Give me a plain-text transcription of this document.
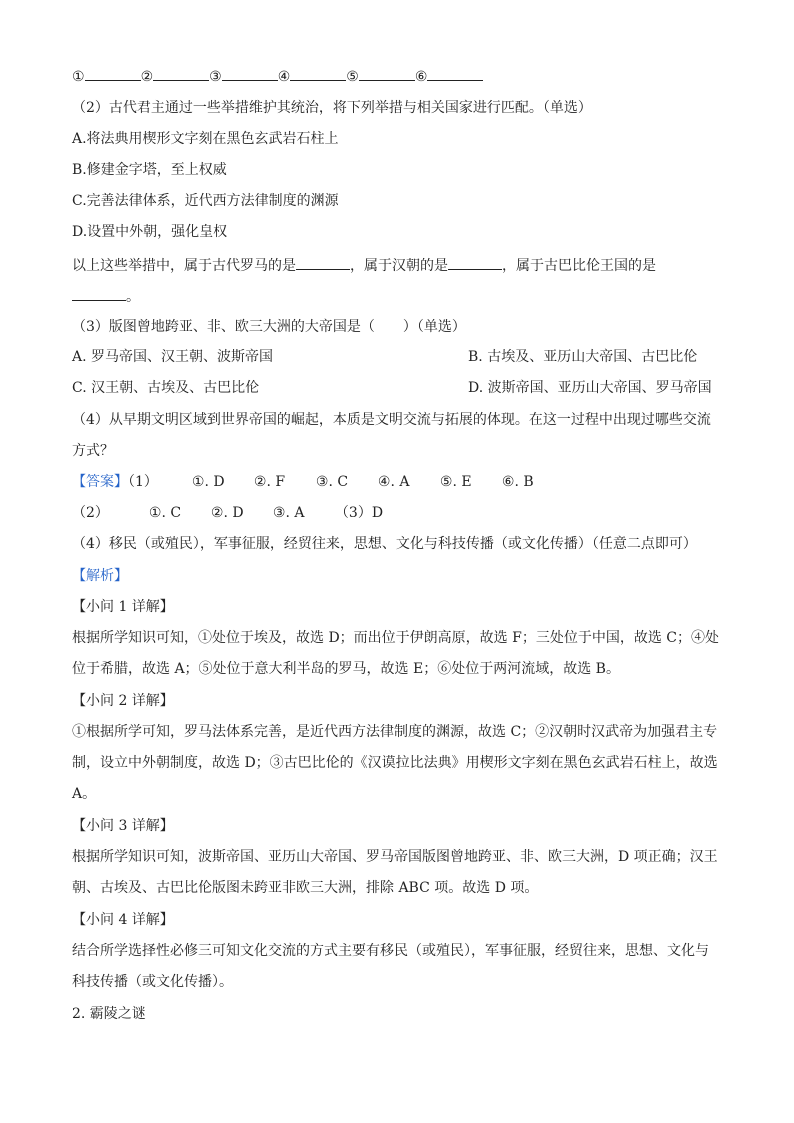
①	②	③	④	⑤	⑥
（2）古代君主通过一些举措维护其统治，将下列举措与相关国家进行匹配。（单选）
A.将法典用楔形文字刻在黑色玄武岩石柱上
B.修建金字塔，至上权威
C.完善法律体系，近代西方法律制度的渊源
D.设置中外朝，强化皇权
以上这些举措中，属于古代罗马的是	，属于汉朝的是	，属于古巴比伦王国的是
。
（3）版图曾地跨亚、非、欧三大洲的大帝国是（　　）（单选）
A. 罗马帝国、汉王朝、波斯帝国	B. 古埃及、亚历山大帝国、古巴比伦
C. 汉王朝、古埃及、古巴比伦	D. 波斯帝国、亚历山大帝国、罗马帝国
（4）从早期文明区域到世界帝国的崛起，本质是文明交流与拓展的体现。在这一过程中出现过哪些交流
方式？
【答案】（1） ①. D ②. F ③. C ④. A ⑤. E ⑥. B
（2）	①. C ②. D ③. A （3）D
（4）移民（或殖民），军事征服，经贸往来，思想、文化与科技传播（或文化传播）（任意二点即可）
【解析】
【小问 1 详解】
根据所学知识可知，①处位于埃及，故选 D；而出位于伊朗高原，故选 F；三处位于中国，故选 C；④处
位于希腊，故选 A；⑤处位于意大利半岛的罗马，故选 E；⑥处位于两河流域，故选 B。
【小问 2 详解】
①根据所学可知，罗马法体系完善，是近代西方法律制度的渊源，故选 C；②汉朝时汉武帝为加强君主专
制，设立中外朝制度，故选 D；③古巴比伦的《汉谟拉比法典》用楔形文字刻在黑色玄武岩石柱上，故选
A。
【小问 3 详解】
根据所学知识可知，波斯帝国、亚历山大帝国、罗马帝国版图曾地跨亚、非、欧三大洲，D 项正确；汉王
朝、古埃及、古巴比伦版图未跨亚非欧三大洲，排除 ABC 项。故选 D 项。
【小问 4 详解】
结合所学选择性必修三可知文化交流的方式主要有移民（或殖民），军事征服，经贸往来，思想、文化与
科技传播（或文化传播）。
2. 霸陵之谜
